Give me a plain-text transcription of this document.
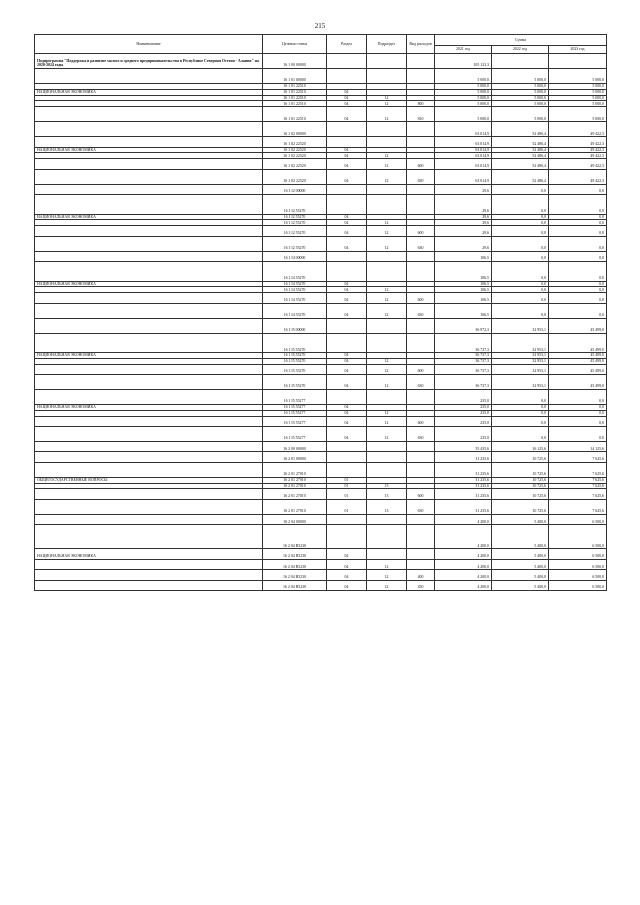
215
Наименование	Целевая статья	Раздел	Подраздел	Вид расходов	Сумма		
					2021 год	2022 год	2023 год
Подпрограмма "Поддержка и развитие малого и среднего предпринимательства в Республике Северная Осетия - Алания" на 2020-2024 годы	16 1 00 00000				105 123,3		
	16 1 01 00000				5 000,0	5 000,0	5 000,0
	16 1 01 22510				5 000,0	5 000,0	5 000,0
НАЦИОНАЛЬНАЯ ЭКОНОМИКА	16 1 01 22510	04			5 000,0	5 000,0	5 000,0
	16 1 01 22510	04	12		5 000,0	5 000,0	5 000,0
	16 1 01 22510	04	12	800	5 000,0	5 000,0	5 000,0
	16 1 01 22510	04	12	810	5 000,0	5 000,0	5 000,0
	16 1 02 00000				63 014,9	52 486,4	49 422,3
	16 1 02 22520				63 014,9	52 486,4	49 422,3
НАЦИОНАЛЬНАЯ ЭКОНОМИКА	16 1 02 22520	04			63 014,9	52 486,4	49 422,3
	16 1 02 22520	04	12		63 014,9	52 486,4	49 422,3
	16 1 02 22520	04	12	600	63 014,9	52 486,4	49 422,3
	16 1 02 22520	04	12	630	63 014,9	52 486,4	49 422,3
	16 1 I2 00000				29,6	0,0	0,0
	16 1 I2 55270				29,6	0,0	0,0
НАЦИОНАЛЬНАЯ ЭКОНОМИКА	16 1 I2 55270	04			29,6	0,0	0,0
	16 1 I2 55270	04	12		29,6	0,0	0,0
	16 1 I2 55270	04	12	600	29,6	0,0	0,0
	16 1 I2 55270	04	12	630	29,6	0,0	0,0
	16 1 I4 00000				106,5	0,0	0,0
	16 1 I4 55270				106,5	0,0	0,0
НАЦИОНАЛЬНАЯ ЭКОНОМИКА	16 1 I4 55270	04			106,5	0,0	0,0
	16 1 I4 55270	04	12		106,5	0,0	0,0
	16 1 I4 55270	04	12	600	106,5	0,0	0,0
	16 1 I4 55270	04	12	630	106,5	0,0	0,0
	16 1 I5 00000				36 972,3	32 953,1	45 499,0
	16 1 I5 55270				36 737,3	32 953,1	45 499,0
НАЦИОНАЛЬНАЯ ЭКОНОМИКА	16 1 I5 55270	04			36 737,3	32 953,1	45 499,0
	16 1 I5 55270	04	12		36 737,3	32 953,1	45 499,0
	16 1 I5 55270	04	12	600	36 737,3	32 953,1	45 499,0
	16 1 I5 55270	04	12	630	36 737,3	32 953,1	45 499,0
	16 1 I5 55277				235,0	0,0	0,0
НАЦИОНАЛЬНАЯ ЭКОНОМИКА	16 1 I5 55277	04			235,0	0,0	0,0
	16 1 I5 55277	04	12		235,0	0,0	0,0
	16 1 I5 55277	04	12	600	235,0	0,0	0,0
	16 1 I5 55277	04	12	630	235,0	0,0	0,0
	16 2 00 00000				35 435,6	16 125,6	14 125,6
	16 2 01 00000				31 235,6	10 725,6	7 625,6
	16 2 01 27010				31 235,6	10 725,6	7 625,6
ОБЩЕГОСУДАРСТВЕННЫЕ ВОПРОСЫ	16 2 01 27010	01			31 235,6	10 725,6	7 625,6
	16 2 01 27010	01	13		31 235,6	10 725,6	7 625,6
	16 2 01 27010	01	13	600	31 235,6	10 725,6	7 625,6
	16 2 01 27010	01	13	630	31 235,6	10 725,6	7 625,6
	16 2 04 00000				4 200,0	5 400,0	6 500,0
	16 2 04 R5230				4 200,0	5 400,0	6 500,0
НАЦИОНАЛЬНАЯ ЭКОНОМИКА	16 2 04 R5230	04			4 200,0	5 400,0	6 500,0
	16 2 04 R5230	04	12		4 200,0	5 400,0	6 500,0
	16 2 04 R5230	04	12	400	4 200,0	5 400,0	6 500,0
	16 2 04 R5230	04	12	450	4 200,0	5 400,0	6 500,0
